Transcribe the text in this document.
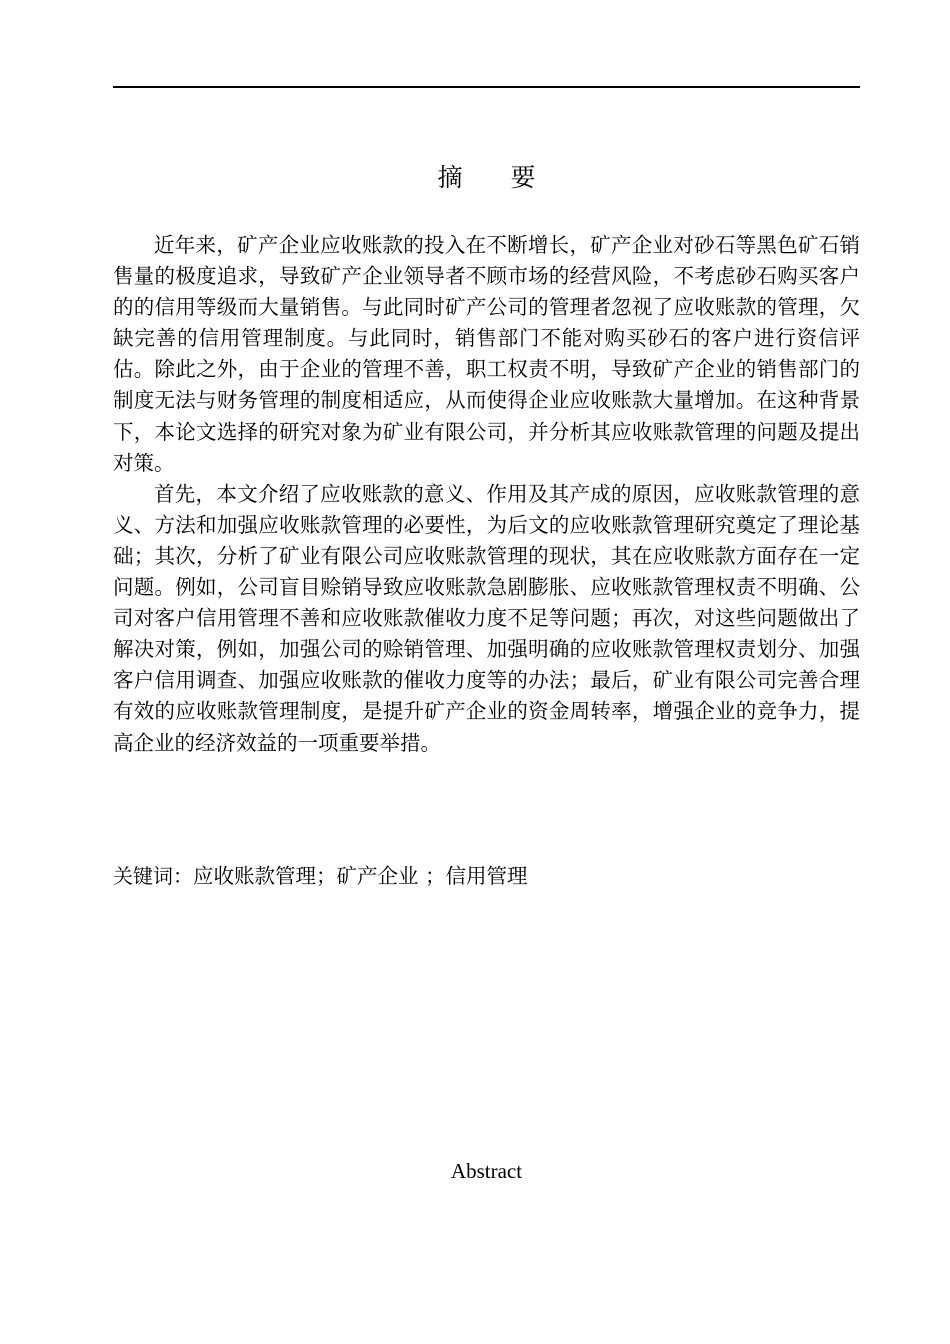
摘 要

近年来，矿产企业应收账款的投入在不断增长，矿产企业对砂石等黑色矿石销售量的极度追求，导致矿产企业领导者不顾市场的经营风险，不考虑砂石购买客户的的信用等级而大量销售。与此同时矿产公司的管理者忽视了应收账款的管理，欠缺完善的信用管理制度。与此同时，销售部门不能对购买砂石的客户进行资信评估。除此之外，由于企业的管理不善，职工权责不明，导致矿产企业的销售部门的制度无法与财务管理的制度相适应，从而使得企业应收账款大量增加。在这种背景下，本论文选择的研究对象为矿业有限公司，并分析其应收账款管理的问题及提出对策。

首先，本文介绍了应收账款的意义、作用及其产成的原因，应收账款管理的意义、方法和加强应收账款管理的必要性，为后文的应收账款管理研究奠定了理论基础；其次，分析了矿业有限公司应收账款管理的现状，其在应收账款方面存在一定问题。例如，公司盲目赊销导致应收账款急剧膨胀、应收账款管理权责不明确、公司对客户信用管理不善和应收账款催收力度不足等问题；再次，对这些问题做出了解决对策，例如，加强公司的赊销管理、加强明确的应收账款管理权责划分、加强客户信用调查、加强应收账款的催收力度等的办法；最后，矿业有限公司完善合理有效的应收账款管理制度，是提升矿产企业的资金周转率，增强企业的竞争力，提高企业的经济效益的一项重要举措。

关键词：应收账款管理；矿产企业 ；信用管理
Abstract
